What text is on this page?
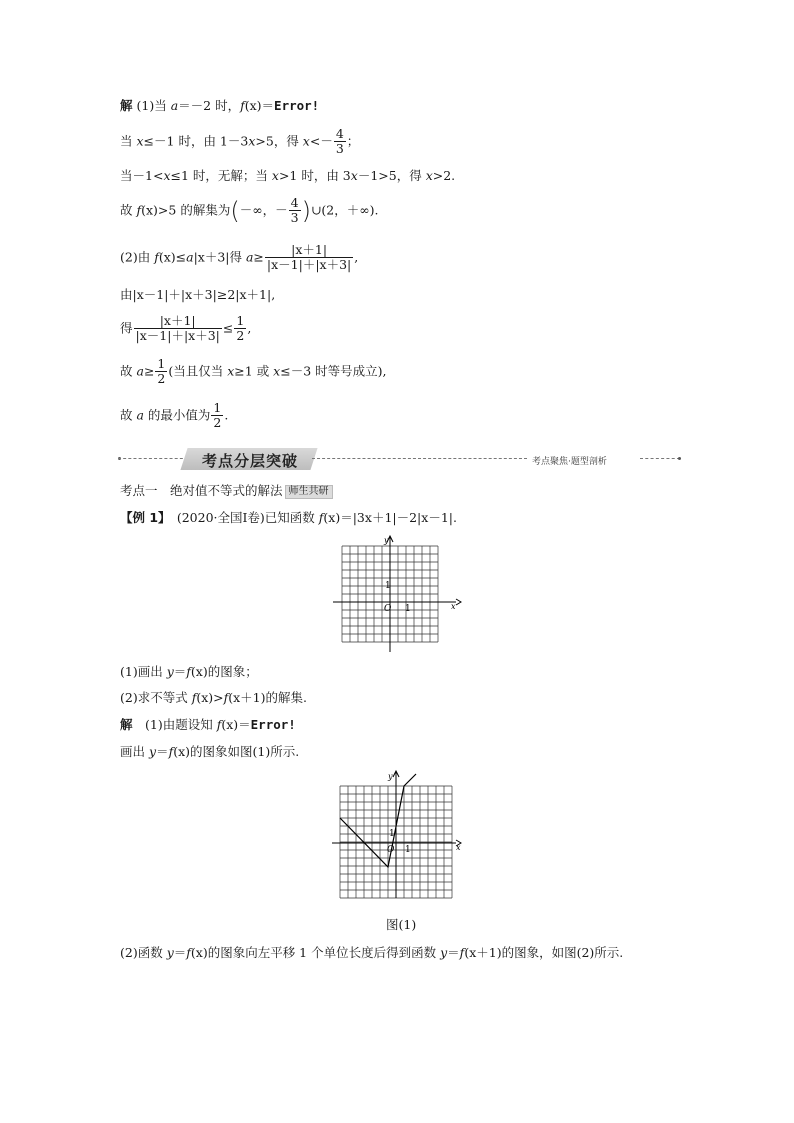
解 (1)当 a＝－2 时，f(x)＝Error!
当 x≤－1 时，由 1－3x>5，得 $x<- \frac{4}{3}$ ；
当－1<x≤1 时，无解；当 x>1 时，由 3x－1>5，得 x>2.
故 f(x)>5 的解集为(－∞，－ $\frac{4}{3}$ )∪(2，＋∞).
(2)由 f(x)≤a|x＋3|得 $a\ge \frac{|x+1|}{|x-1|+|x+3|}$ ,
由|x－1|＋|x＋3|≥2|x＋1|,
得 $\frac{|x+1|}{|x-1|+|x+3|} \le \frac{1}{2}$ ,
故 $a\ge \frac{1}{2}$ (当且仅当 x≥1 或 x≤－3 时等号成立),
故 a 的最小值为 $\frac{1}{2}$ .
考点分层突破	考点聚焦·题型剖析
考点一　绝对值不等式的解法 师生共研
【例 1】　 (2020·全国Ⅰ卷)已知函数 f(x)＝|3x＋1|－2|x－1|.
y
x
O 1
1
(1)画出 y＝f(x)的图象；
(2)求不等式 f(x)>f(x＋1)的解集.
解　(1)由题设知 f(x)＝Error!
画出 y＝f(x)的图象如图(1)所示.
y
x
O 1
1
图(1)
(2)函数 y＝f(x)的图象向左平移 1 个单位长度后得到函数 y＝f(x＋1)的图象，如图(2)所示.
